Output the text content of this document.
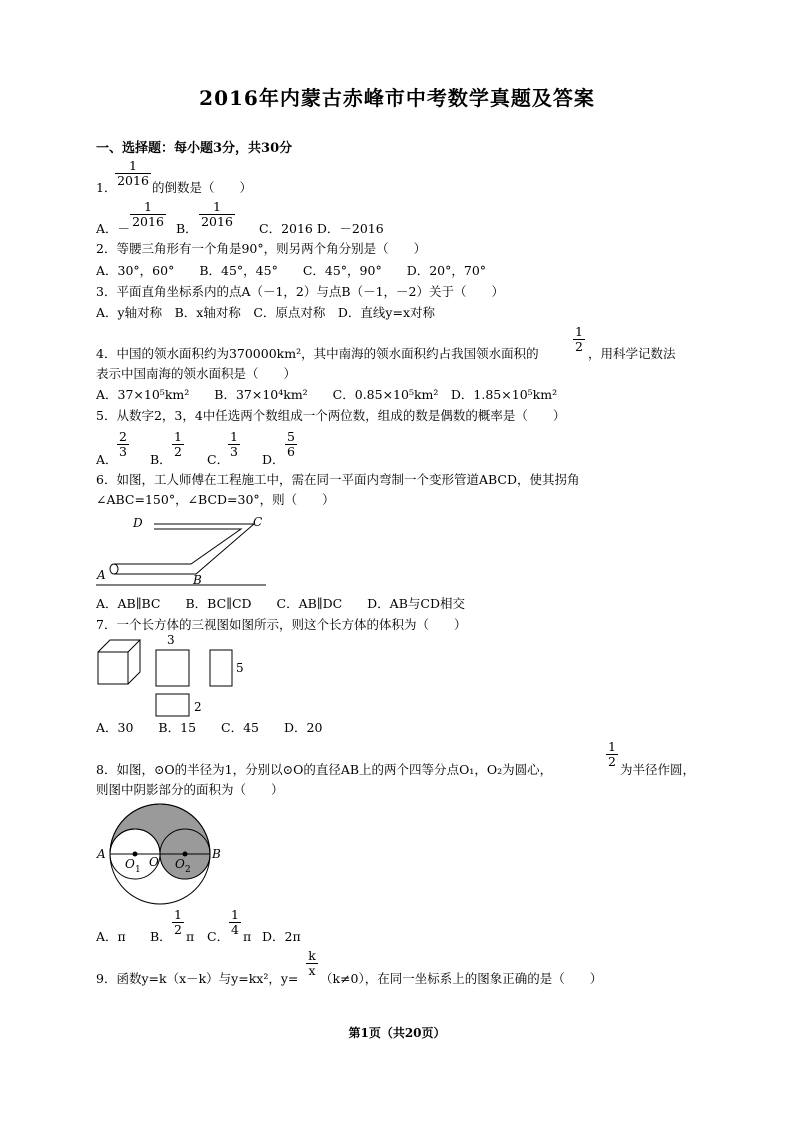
2016年内蒙古赤峰市中考数学真题及答案
一、选择题：每小题3分，共30分
1．
$\frac{1}{2016}$ 的倒数是（　　）
A．－ $\frac{1}{2016}$ B． $\frac{1}{2016}$ C．2016 D．－2016
2．等腰三角形有一个角是90°，则另两个角分别是（　　）
A．30°，60°　　B．45°，45°　　C．45°，90°　　D．20°，70°
3．平面直角坐标系内的点A（－1，2）与点B（－1，－2）关于（　　）
A．y轴对称　B．x轴对称　C．原点对称　D．直线y=x对称
4．中国的领水面积约为370000km²，其中南海的领水面积约占我国领水面积的	$\frac{1}{2}$ ，用科学记数法
表示中国南海的领水面积是（　　）
A．37×10⁵km²　　B．37×10⁴km²　　C．0.85×10⁵km²　D．1.85×10⁵km²
5．从数字2，3，4中任选两个数组成一个两位数，组成的数是偶数的概率是（　　）
A．
$\frac{2}{3}$
B．
$\frac{1}{2}$
C．
$\frac{1}{3}$
D．
$\frac{5}{6}$
6．如图，工人师傅在工程施工中，需在同一平面内弯制一个变形管道ABCD，使其拐角
∠ABC=150°，∠BCD=30°，则（　　）
A	B
C
D
A．AB∥BC　　B．BC∥CD　　C．AB∥DC　　D．AB与CD相交
7．一个长方体的三视图如图所示，则这个长方体的体积为（　　）
3
5
2
A．30　　B．15　　C．45　　D．20
8．如图，⊙O的半径为1，分别以⊙O的直径AB上的两个四等分点O₁，O₂为圆心，
$\frac{1}{2}$
为半径作圆，
则图中阴影部分的面积为（　　）
A	B
O
O 1	O 2
A．π B． $\frac{1}{2}$ π C． $\frac{1}{4}$ π D．2π
9．函数y=k（x－k）与y=kx²，y=
$\frac{k}{x}$
（k≠0），在同一坐标系上的图象正确的是（　　）
第1页（共20页）
